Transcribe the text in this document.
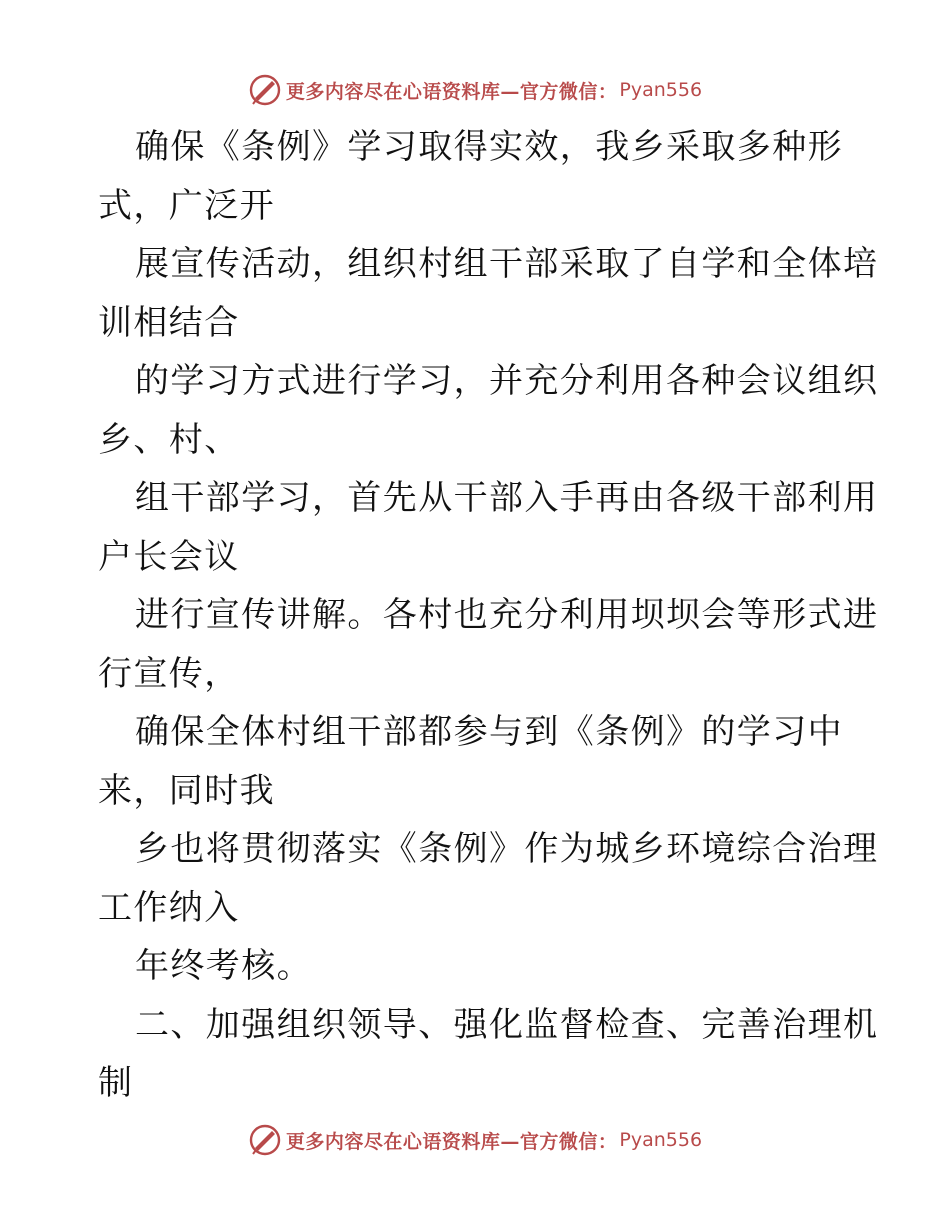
更多内容尽在心语资料库—官方微信： Pyan556
确保《条例》学习取得实效，我乡采取多种形
式，广泛开
展宣传活动，组织村组干部采取了自学和全体培
训相结合
的学习方式进行学习，并充分利用各种会议组织
乡、村、
组干部学习，首先从干部入手再由各级干部利用
户长会议
进行宣传讲解。各村也充分利用坝坝会等形式进
行宣传，
确保全体村组干部都参与到《条例》的学习中
来，同时我
乡也将贯彻落实《条例》作为城乡环境综合治理
工作纳入
年终考核。
二、加强组织领导、强化监督检查、完善治理机
制
更多内容尽在心语资料库—官方微信： Pyan556
